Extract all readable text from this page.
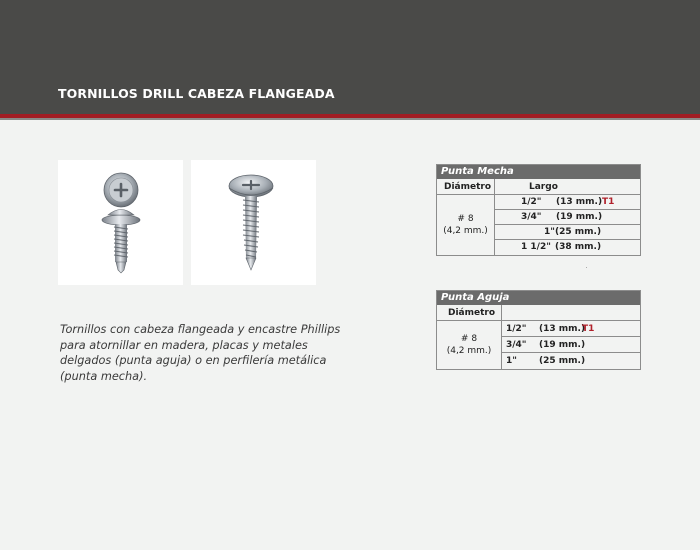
TORNILLOS DRILL CABEZA FLANGEADA
Tornillos con cabeza flangeada y encastre Phillips para atornillar en madera, placas y metales delgados (punta aguja) o en perfilería metálica (punta mecha).
Punta Mecha
Diámetro	Largo
# 8
(4,2 mm.)
1/2" (13 mm.) T1
3/4" (19 mm.)
1" (25 mm.)
1 1/2" (38 mm.)
Punta Aguja
Diámetro
# 8
(4,2 mm.)
1/2" (13 mm.)
T1
3/4" (19 mm.)
1" (25 mm.)
